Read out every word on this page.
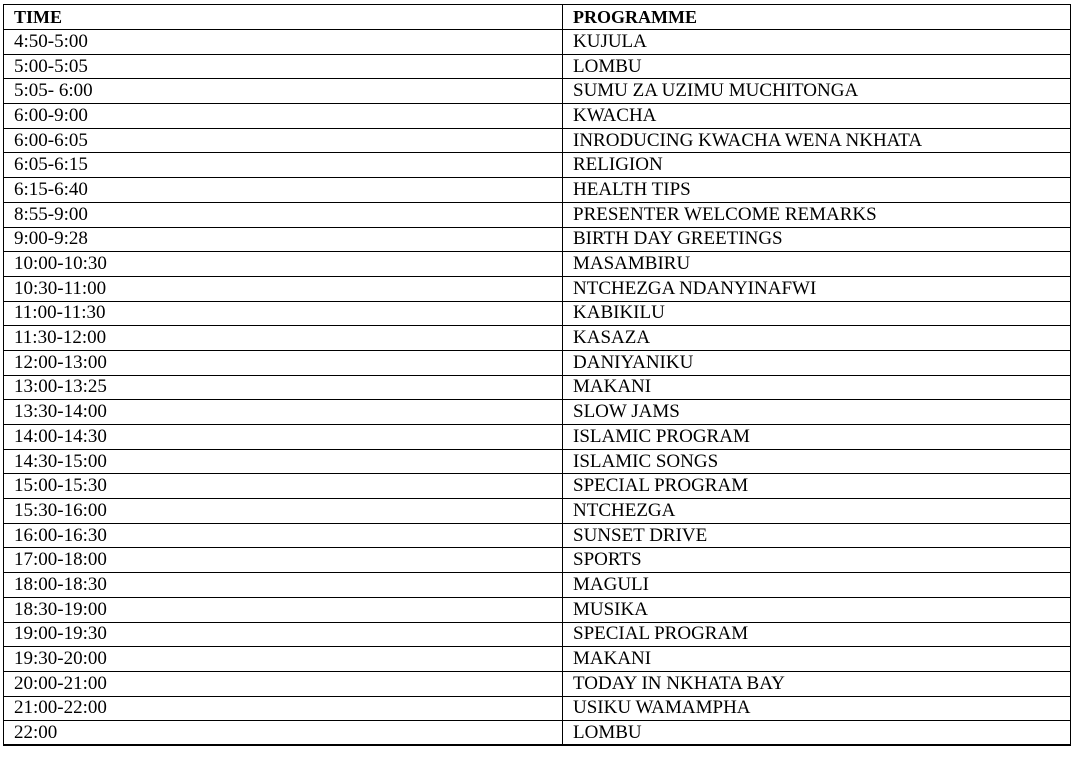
TIME	PROGRAMME
4:50-5:00	KUJULA
5:00-5:05	LOMBU
5:05- 6:00	SUMU ZA UZIMU MUCHITONGA
6:00-9:00	KWACHA
6:00-6:05	INRODUCING KWACHA WENA NKHATA
6:05-6:15	RELIGION
6:15-6:40	HEALTH TIPS
8:55-9:00	PRESENTER WELCOME REMARKS
9:00-9:28	BIRTH DAY GREETINGS
10:00-10:30	MASAMBIRU
10:30-11:00	NTCHEZGA NDANYINAFWI
11:00-11:30	KABIKILU
11:30-12:00	KASAZA
12:00-13:00	DANIYANIKU
13:00-13:25	MAKANI
13:30-14:00	SLOW JAMS
14:00-14:30	ISLAMIC PROGRAM
14:30-15:00	ISLAMIC SONGS
15:00-15:30	SPECIAL PROGRAM
15:30-16:00	NTCHEZGA
16:00-16:30	SUNSET DRIVE
17:00-18:00	SPORTS
18:00-18:30	MAGULI
18:30-19:00	MUSIKA
19:00-19:30	SPECIAL PROGRAM
19:30-20:00	MAKANI
20:00-21:00	TODAY IN NKHATA BAY
21:00-22:00	USIKU WAMAMPHA
22:00	LOMBU
